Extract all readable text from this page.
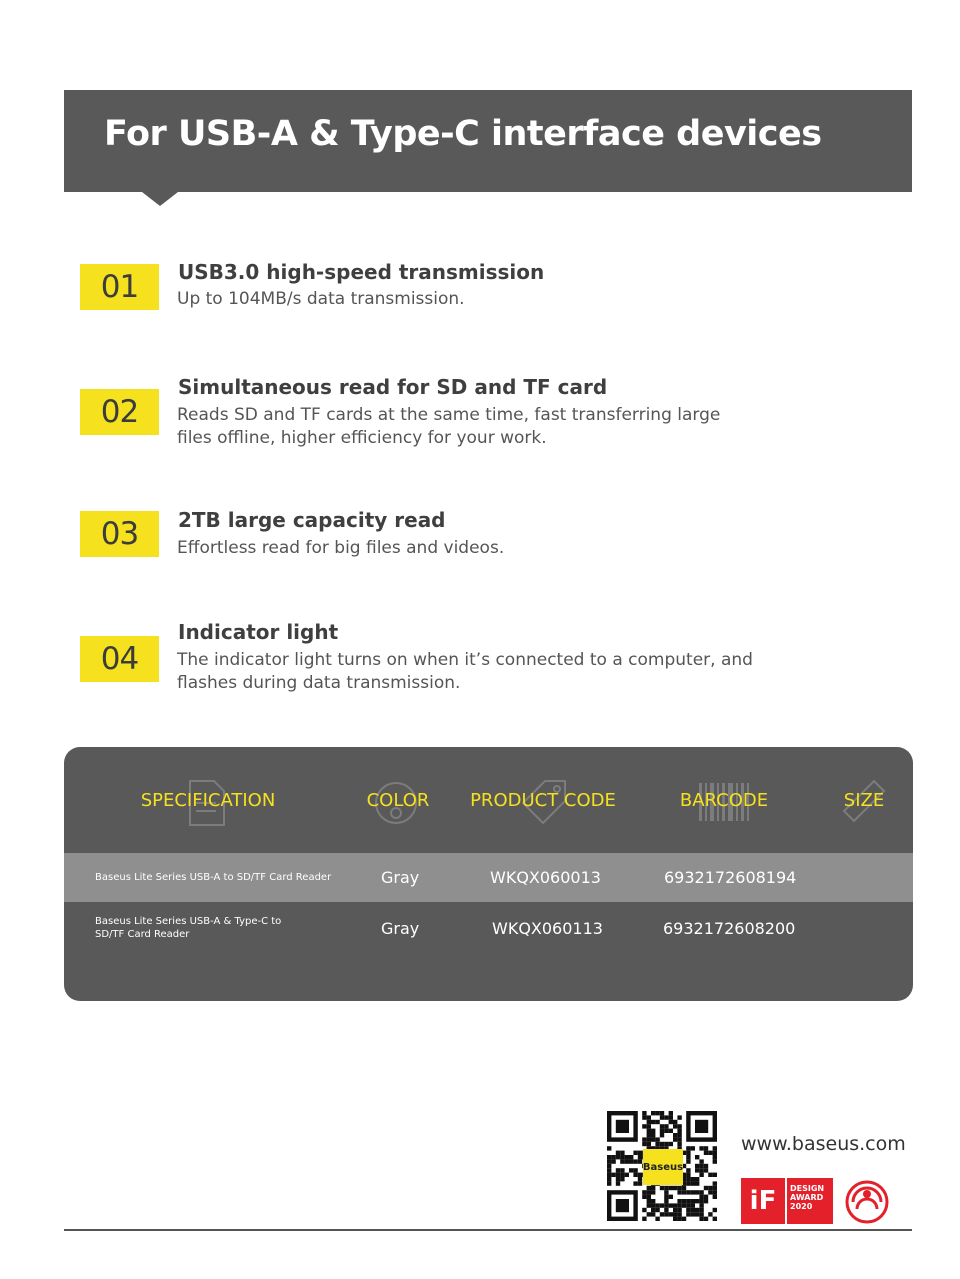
For USB-A & Type-C interface devices
01	USB3.0 high-speed transmission
Up to 104MB/s data transmission.
02
Simultaneous read for SD and TF card
Reads SD and TF cards at the same time, fast transferring large files offline, higher efficiency for your work.
03	2TB large capacity read
Effortless read for big files and videos.
04
Indicator light
The indicator light turns on when it’s connected to a computer, and flashes during data transmission.
SPECIFICATION	COLOR	PRODUCT CODE	BARCODE	SIZE
Baseus Lite Series USB-A to SD/TF Card Reader	Gray	WKQX060013	6932172608194
Baseus Lite Series USB-A & Type-C to
SD/TF Card Reader	Gray	WKQX060113	6932172608200
Baseus
www.baseus.com
iF	DESIGN
AWARD
2020
